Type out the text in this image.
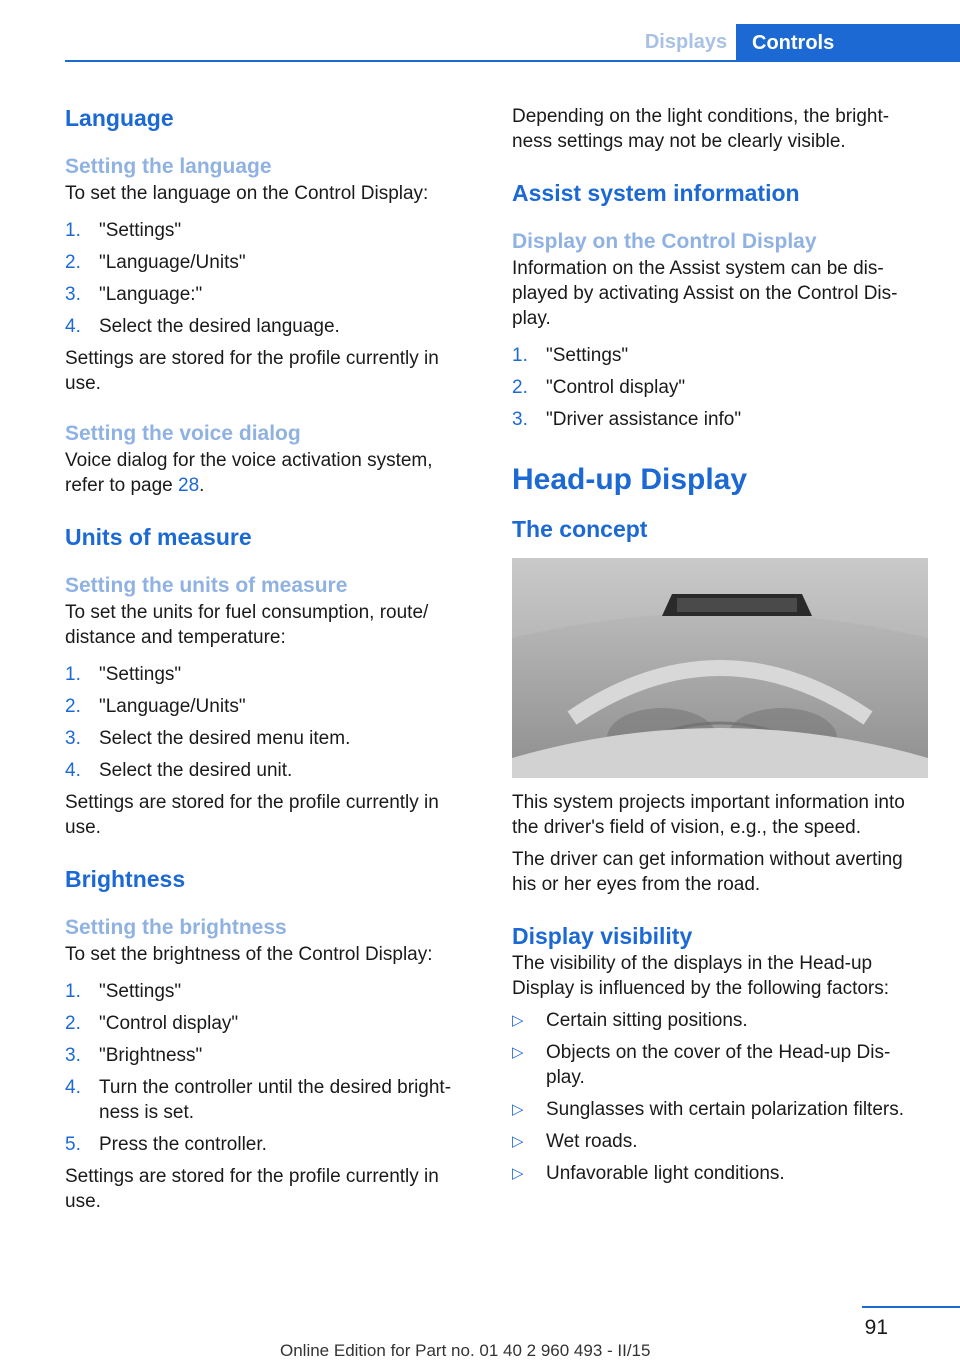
Displays	Controls
Language
Setting the language

To set the language on the Control Display:

1. "Settings"
2. "Language/Units"
3. "Language:"
4. Select the desired language.

Settings are stored for the profile currently in use.

Setting the voice dialog

Voice dialog for the voice activation system, refer to page 28.

Units of measure
Setting the units of measure

To set the units for fuel consumption, route/ distance and temperature:

1. "Settings"
2. "Language/Units"
3. Select the desired menu item.
4. Select the desired unit.

Settings are stored for the profile currently in use.

Brightness
Setting the brightness

To set the brightness of the Control Display:

1. "Settings"
2. "Control display"
3. "Brightness"
4. Turn the controller until the desired bright‐ ness is set.
5. Press the controller.

Settings are stored for the profile currently in use.

Depending on the light conditions, the bright‐ ness settings may not be clearly visible.

Assist system information
Display on the Control Display

Information on the Assist system can be dis‐ played by activating Assist on the Control Dis‐ play.

1. "Settings"
2. "Control display"
3. "Driver assistance info"
Head-up Display
The concept

This system projects important information into the driver's field of vision, e.g., the speed.

The driver can get information without averting his or her eyes from the road.

Display visibility

The visibility of the displays in the Head-up Display is influenced by the following factors:

▷	Certain sitting positions.
▷	Objects on the cover of the Head-up Dis‐ play.
▷	Sunglasses with certain polarization filters.
▷	Wet roads.
▷	Unfavorable light conditions.
91
Online Edition for Part no. 01 40 2 960 493 - II/15
